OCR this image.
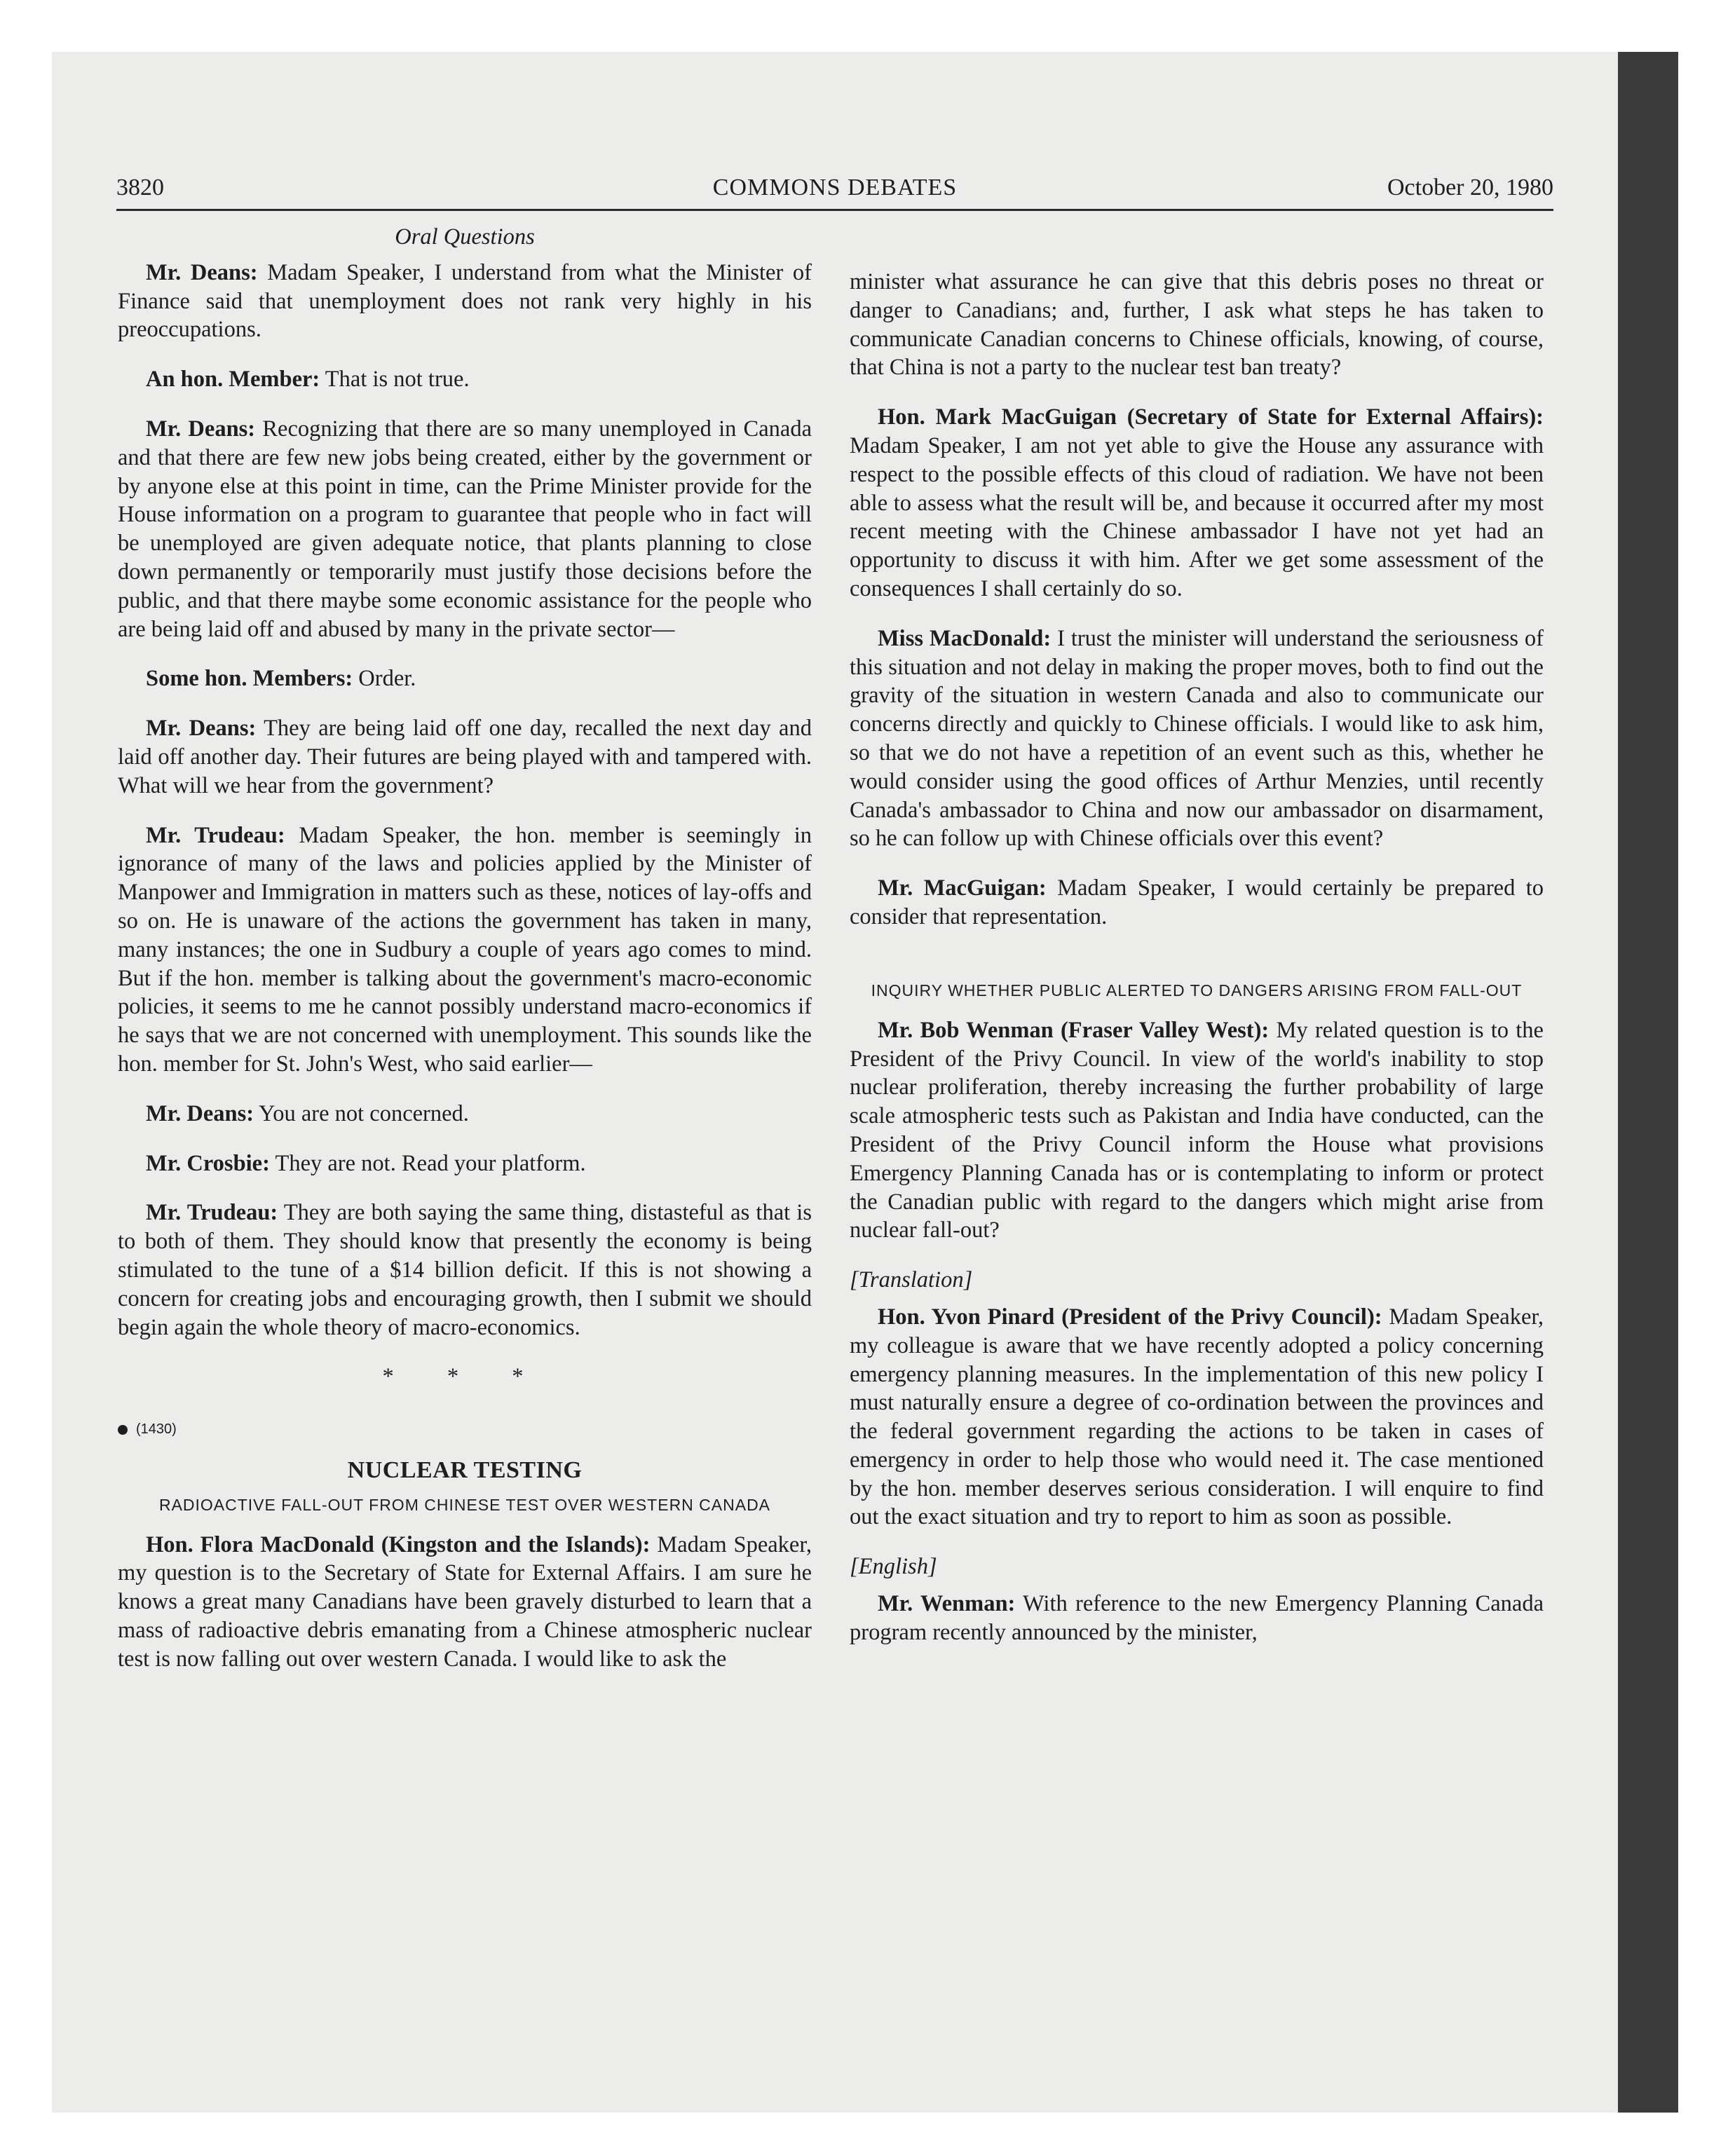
3820	COMMONS DEBATES	October 20, 1980
Oral Questions

Mr. Deans: Madam Speaker, I understand from what the Minister of Finance said that unemployment does not rank very highly in his preoccupations.

An hon. Member: That is not true.

Mr. Deans: Recognizing that there are so many unemployed in Canada and that there are few new jobs being created, either by the government or by anyone else at this point in time, can the Prime Minister provide for the House information on a program to guarantee that people who in fact will be unemployed are given adequate notice, that plants planning to close down permanently or temporarily must justify those decisions before the public, and that there maybe some economic assistance for the people who are being laid off and abused by many in the private sector—

Some hon. Members: Order.

Mr. Deans: They are being laid off one day, recalled the next day and laid off another day. Their futures are being played with and tampered with. What will we hear from the government?

Mr. Trudeau: Madam Speaker, the hon. member is seemingly in ignorance of many of the laws and policies applied by the Minister of Manpower and Immigration in matters such as these, notices of lay-offs and so on. He is unaware of the actions the government has taken in many, many instances; the one in Sudbury a couple of years ago comes to mind. But if the hon. member is talking about the government's macro-economic policies, it seems to me he cannot possibly understand macro-economics if he says that we are not concerned with unemployment. This sounds like the hon. member for St. John's West, who said earlier—

Mr. Deans: You are not concerned.

Mr. Crosbie: They are not. Read your platform.

Mr. Trudeau: They are both saying the same thing, distasteful as that is to both of them. They should know that presently the economy is being stimulated to the tune of a $14 billion deficit. If this is not showing a concern for creating jobs and encouraging growth, then I submit we should begin again the whole theory of macro-economics.

* * *
(1430)
NUCLEAR TESTING
RADIOACTIVE FALL-OUT FROM CHINESE TEST OVER WESTERN CANADA

Hon. Flora MacDonald (Kingston and the Islands): Madam Speaker, my question is to the Secretary of State for External Affairs. I am sure he knows a great many Canadians have been gravely disturbed to learn that a mass of radioactive debris emanating from a Chinese atmospheric nuclear test is now falling out over western Canada. I would like to ask the

minister what assurance he can give that this debris poses no threat or danger to Canadians; and, further, I ask what steps he has taken to communicate Canadian concerns to Chinese officials, knowing, of course, that China is not a party to the nuclear test ban treaty?

Hon. Mark MacGuigan (Secretary of State for External Affairs): Madam Speaker, I am not yet able to give the House any assurance with respect to the possible effects of this cloud of radiation. We have not been able to assess what the result will be, and because it occurred after my most recent meeting with the Chinese ambassador I have not yet had an opportunity to discuss it with him. After we get some assessment of the consequences I shall certainly do so.

Miss MacDonald: I trust the minister will understand the seriousness of this situation and not delay in making the proper moves, both to find out the gravity of the situation in western Canada and also to communicate our concerns directly and quickly to Chinese officials. I would like to ask him, so that we do not have a repetition of an event such as this, whether he would consider using the good offices of Arthur Menzies, until recently Canada's ambassador to China and now our ambassador on disarmament, so he can follow up with Chinese officials over this event?

Mr. MacGuigan: Madam Speaker, I would certainly be prepared to consider that representation.

INQUIRY WHETHER PUBLIC ALERTED TO DANGERS ARISING FROM FALL-OUT

Mr. Bob Wenman (Fraser Valley West): My related question is to the President of the Privy Council. In view of the world's inability to stop nuclear proliferation, thereby increasing the further probability of large scale atmospheric tests such as Pakistan and India have conducted, can the President of the Privy Council inform the House what provisions Emergency Planning Canada has or is contemplating to inform or protect the Canadian public with regard to the dangers which might arise from nuclear fall-out?

[Translation]

Hon. Yvon Pinard (President of the Privy Council): Madam Speaker, my colleague is aware that we have recently adopted a policy concerning emergency planning measures. In the implementation of this new policy I must naturally ensure a degree of co-ordination between the provinces and the federal government regarding the actions to be taken in cases of emergency in order to help those who would need it. The case mentioned by the hon. member deserves serious consideration. I will enquire to find out the exact situation and try to report to him as soon as possible.

[English]

Mr. Wenman: With reference to the new Emergency Planning Canada program recently announced by the minister,
